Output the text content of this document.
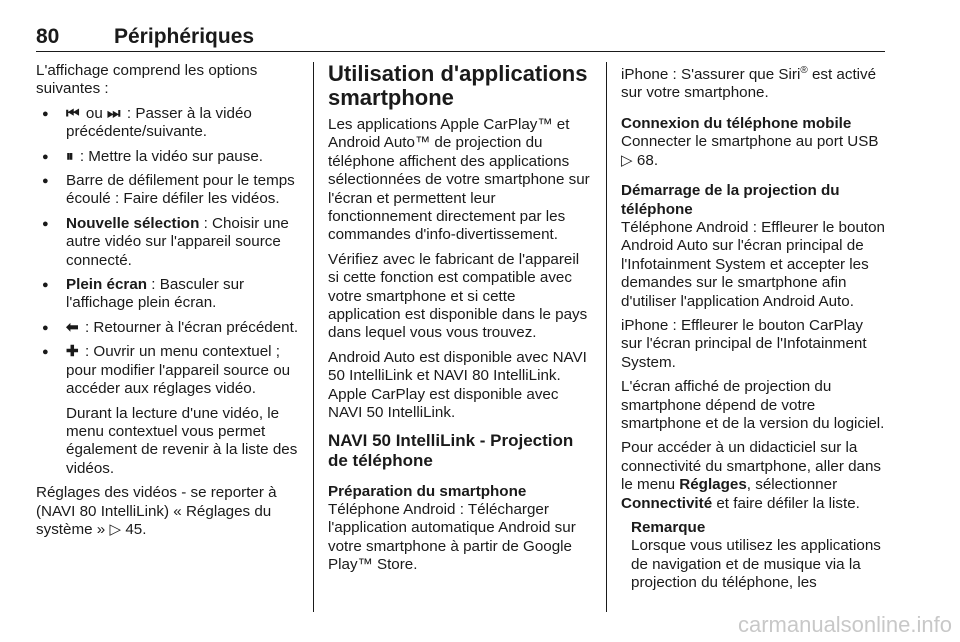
80	Périphériques

L'affichage comprend les options suivantes :

● ⏮ ou ⏭ : Passer à la vidéo précédente/suivante.
● ⏸ : Mettre la vidéo sur pause.
● Barre de défilement pour le temps écoulé : Faire défiler les vidéos.
● Nouvelle sélection : Choisir une autre vidéo sur l'appareil source connecté.
● Plein écran : Basculer sur l'affichage plein écran.
● ⬅ : Retourner à l'écran précédent.
● ✚ : Ouvrir un menu contextuel ; pour modifier l'appareil source ou accéder aux réglages vidéo.
Durant la lecture d'une vidéo, le menu contextuel vous permet également de revenir à la liste des vidéos.

Réglages des vidéos - se reporter à (NAVI 80 IntelliLink) « Réglages du système » ▷ 45.

Utilisation d'applications smartphone

Les applications Apple CarPlay™ et Android Auto™ de projection du téléphone affichent des applications sélectionnées de votre smartphone sur l'écran et permettent leur fonctionnement directement par les commandes d'info-divertissement.

Vérifiez avec le fabricant de l'appareil si cette fonction est compatible avec votre smartphone et si cette application est disponible dans le pays dans lequel vous vous trouvez.

Android Auto est disponible avec NAVI 50 IntelliLink et NAVI 80 IntelliLink. Apple CarPlay est disponible avec NAVI 50 IntelliLink.

NAVI 50 IntelliLink - Projection de téléphone
Préparation du smartphone

Téléphone Android : Télécharger l'application automatique Android sur votre smartphone à partir de Google Play™ Store.

iPhone : S'assurer que Siri® est activé sur votre smartphone.

Connexion du téléphone mobile

Connecter le smartphone au port USB ▷ 68.

Démarrage de la projection du téléphone

Téléphone Android : Effleurer le bouton Android Auto sur l'écran principal de l'Infotainment System et accepter les demandes sur le smartphone afin d'utiliser l'application Android Auto.

iPhone : Effleurer le bouton CarPlay sur l'écran principal de l'Infotainment System.

L'écran affiché de projection du smartphone dépend de votre smartphone et de la version du logiciel.

Pour accéder à un didacticiel sur la connectivité du smartphone, aller dans le menu Réglages, sélectionner Connectivité et faire défiler la liste.

Remarque

Lorsque vous utilisez les applications de navigation et de musique via la projection du téléphone, les

carmanualsonline.info
